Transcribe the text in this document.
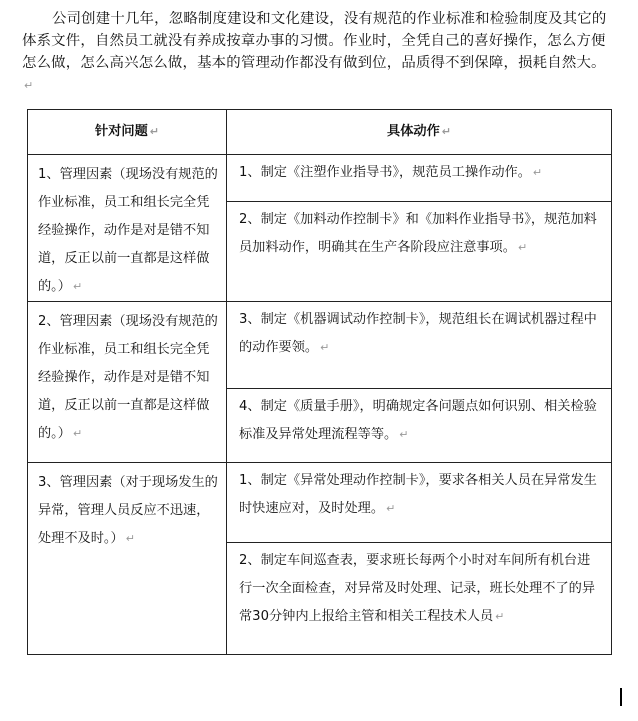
公司创建十几年，忽略制度建设和文化建设，没有规范的作业标准和检验制度及其它的体系文件，自然员工就没有养成按章办事的习惯。作业时，全凭自己的喜好操作，怎么方便怎么做，怎么高兴怎么做，基本的管理动作都没有做到位，品质得不到保障，损耗自然大。↵
针对问题 ↵	具体动作 ↵
1、管理因素（现场没有规范的作业标准，员工和组长完全凭经验操作，动作是对是错不知道，反正以前一直都是这样做的。） ↵	1、制定《注塑作业指导书》，规范员工操作动作。 ↵
	2、制定《加料动作控制卡》和《加料作业指导书》，规范加料员加料动作，明确其在生产各阶段应注意事项。 ↵
2、管理因素（现场没有规范的作业标准，员工和组长完全凭经验操作，动作是对是错不知道，反正以前一直都是这样做的。） ↵	3、制定《机器调试动作控制卡》，规范组长在调试机器过程中的动作要领。 ↵
	4、制定《质量手册》，明确规定各问题点如何识别、相关检验标准及异常处理流程等等。 ↵
3、管理因素（对于现场发生的异常，管理人员反应不迅速，处理不及时。） ↵	1、制定《异常处理动作控制卡》，要求各相关人员在异常发生时快速应对，及时处理。 ↵
	2、制定车间巡查表，要求班长每两个小时对车间所有机台进行一次全面检查，对异常及时处理、记录，班长处理不了的异常30分钟内上报给主管和相关工程技术人员 ↵
